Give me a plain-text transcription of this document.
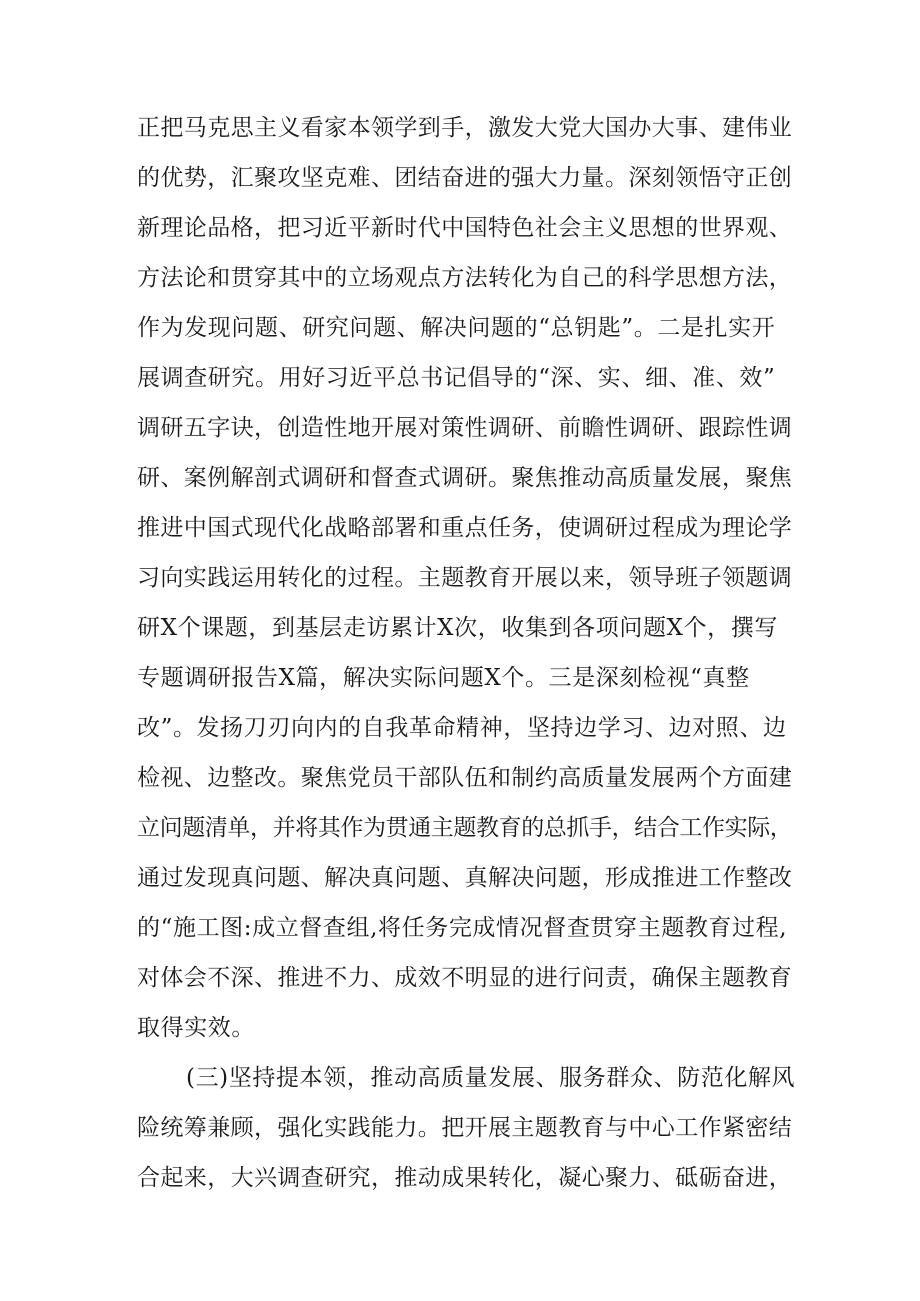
正把马克思主义看家本领学到手，激发大党大国办大事、建伟业
的优势，汇聚攻坚克难、团结奋进的强大力量。深刻领悟守正创
新理论品格，把习近平新时代中国特色社会主义思想的世界观、
方法论和贯穿其中的立场观点方法转化为自己的科学思想方法，
作为发现问题、研究问题、解决问题的“总钥匙”。二是扎实开
展调查研究。用好习近平总书记倡导的“深、实、细、准、效”
调研五字诀，创造性地开展对策性调研、前瞻性调研、跟踪性调
研、案例解剖式调研和督查式调研。聚焦推动高质量发展，聚焦
推进中国式现代化战略部署和重点任务，使调研过程成为理论学
习向实践运用转化的过程。主题教育开展以来，领导班子领题调
研X个课题，到基层走访累计X次，收集到各项问题X个，撰写
专题调研报告X篇，解决实际问题X个。三是深刻检视“真整
改”。发扬刀刃向内的自我革命精神，坚持边学习、边对照、边
检视、边整改。聚焦党员干部队伍和制约高质量发展两个方面建
立问题清单，并将其作为贯通主题教育的总抓手，结合工作实际，
通过发现真问题、解决真问题、真解决问题，形成推进工作整改
的“施工图:成立督查组,将任务完成情况督查贯穿主题教育过程,
对体会不深、推进不力、成效不明显的进行问责，确保主题教育
取得实效。
(三)坚持提本领，推动高质量发展、服务群众、防范化解风
险统筹兼顾，强化实践能力。把开展主题教育与中心工作紧密结
合起来，大兴调查研究，推动成果转化，凝心聚力、砥砺奋进，
